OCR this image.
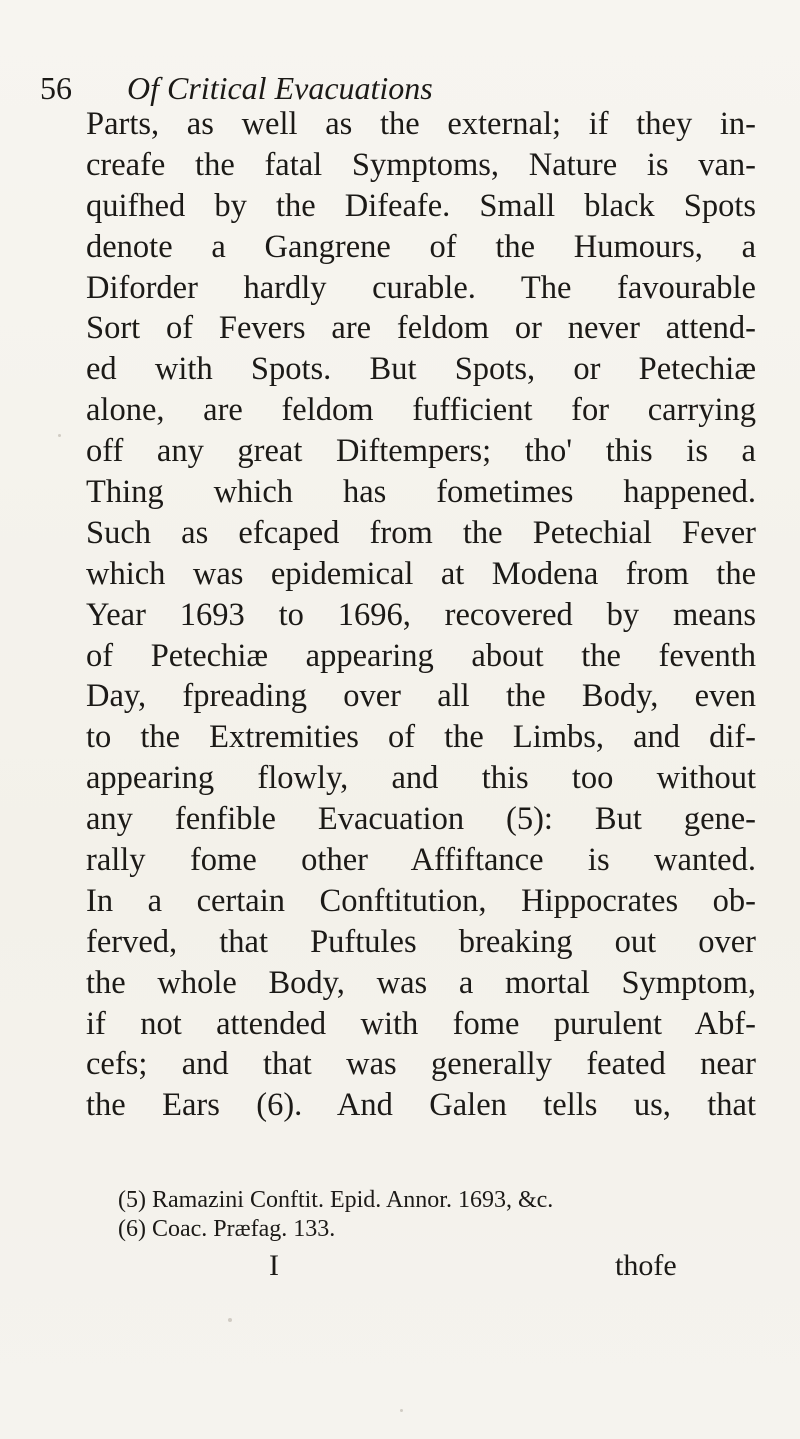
56 Of Critical Evacuations
Parts, as well as the external; if they in-
creafe the fatal Symptoms, Nature is van-
quifhed by the Difeafe. Small black Spots
denote a Gangrene of the Humours, a
Diforder hardly curable. The favourable
Sort of Fevers are feldom or never attend-
ed with Spots. But Spots, or Petechiæ
alone, are feldom fufficient for carrying
off any great Diftempers; tho' this is a
Thing which has fometimes happened.
Such as efcaped from the Petechial Fever
which was epidemical at Modena from the
Year 1693 to 1696, recovered by means
of Petechiæ appearing about the feventh
Day, fpreading over all the Body, even
to the Extremities of the Limbs, and dif-
appearing flowly, and this too without
any fenfible Evacuation (5): But gene-
rally fome other Affiftance is wanted.
In a certain Conftitution, Hippocrates ob-
ferved, that Puftules breaking out over
the whole Body, was a mortal Symptom,
if not attended with fome purulent Abf-
cefs; and that was generally feated near
the Ears (6). And Galen tells us, that
(5) Ramazini Conftit. Epid. Annor. 1693, &c.
(6) Coac. Præfag. 133.
I	thofe
